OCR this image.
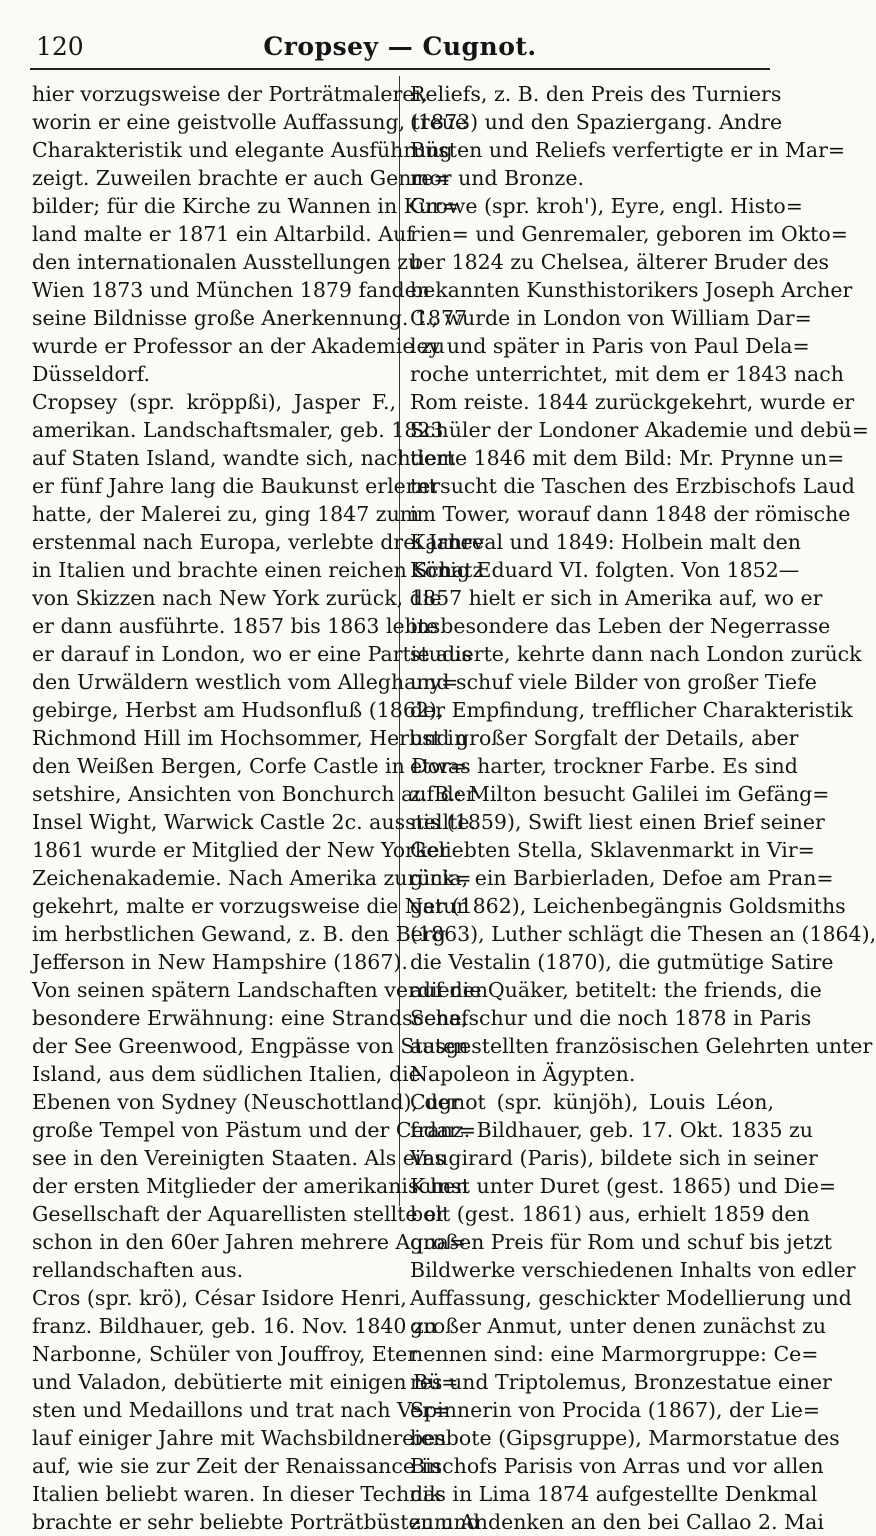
120	Cropsey — Cugnot.
hier vorzugsweise der Porträtmalerei,
worin er eine geistvolle Auffassung, treue
Charakteristik und elegante Ausführung
zeigt. Zuweilen brachte er auch Genre=
bilder; für die Kirche zu Wannen in Kur=
land malte er 1871 ein Altarbild. Auf
den internationalen Ausstellungen zu
Wien 1873 und München 1879 fanden
seine Bildnisse große Anerkennung. 1877
wurde er Professor an der Akademie zu
Düsseldorf.
Cropsey (spr. kröppßi), Jasper F.,
amerikan. Landschaftsmaler, geb. 1823
auf Staten Island, wandte sich, nachdem
er fünf Jahre lang die Baukunst erlernt
hatte, der Malerei zu, ging 1847 zum
erstenmal nach Europa, verlebte drei Jahre
in Italien und brachte einen reichen Schatz
von Skizzen nach New York zurück, die
er dann ausführte. 1857 bis 1863 lebte
er darauf in London, wo er eine Partie aus
den Urwäldern westlich vom Alleghany=
gebirge, Herbst am Hudsonfluß (1862),
Richmond Hill im Hochsommer, Herbst in
den Weißen Bergen, Corfe Castle in Dor=
setshire, Ansichten von Bonchurch auf der
Insel Wight, Warwick Castle 2c. ausstellte.
1861 wurde er Mitglied der New Yorker
Zeichenakademie. Nach Amerika zurück=
gekehrt, malte er vorzugsweise die Natur
im herbstlichen Gewand, z. B. den Berg
Jefferson in New Hampshire (1867).
Von seinen spätern Landschaften verdienen
besondere Erwähnung: eine Strandscene,
der See Greenwood, Engpässe von Staten
Island, aus dem südlichen Italien, die
Ebenen von Sydney (Neuschottland), der
große Tempel von Pästum und der Cedar=
see in den Vereinigten Staaten. Als eins
der ersten Mitglieder der amerikanischen
Gesellschaft der Aquarellisten stellte er
schon in den 60er Jahren mehrere Aqua=
rellandschaften aus.
Cros (spr. krö), César Isidore Henri,
franz. Bildhauer, geb. 16. Nov. 1840 zu
Narbonne, Schüler von Jouffroy, Eter
und Valadon, debütierte mit einigen Bü=
sten und Medaillons und trat nach Ver=
lauf einiger Jahre mit Wachsbildnereien
auf, wie sie zur Zeit der Renaissance in
Italien beliebt waren. In dieser Technik
brachte er sehr beliebte Porträtbüsten und
Reliefs, z. B. den Preis des Turniers
(1873) und den Spaziergang. Andre
Büsten und Reliefs verfertigte er in Mar=
mor und Bronze.
Crowe (spr. kroh'), Eyre, engl. Histo=
rien= und Genremaler, geboren im Okto=
ber 1824 zu Chelsea, älterer Bruder des
bekannten Kunsthistorikers Joseph Archer
C., wurde in London von William Dar=
ley und später in Paris von Paul Dela=
roche unterrichtet, mit dem er 1843 nach
Rom reiste. 1844 zurückgekehrt, wurde er
Schüler der Londoner Akademie und debü=
tierte 1846 mit dem Bild: Mr. Prynne un=
tersucht die Taschen des Erzbischofs Laud
im Tower, worauf dann 1848 der römische
Karneval und 1849: Holbein malt den
König Eduard VI. folgten. Von 1852—
1857 hielt er sich in Amerika auf, wo er
insbesondere das Leben der Negerrasse
studierte, kehrte dann nach London zurück
und schuf viele Bilder von großer Tiefe
der Empfindung, trefflicher Charakteristik
und großer Sorgfalt der Details, aber
etwas harter, trockner Farbe. Es sind
z. B.: Milton besucht Galilei im Gefäng=
nis (1859), Swift liest einen Brief seiner
Geliebten Stella, Sklavenmarkt in Vir=
ginia, ein Barbierladen, Defoe am Pran=
ger (1862), Leichenbegängnis Goldsmiths
(1863), Luther schlägt die Thesen an (1864),
die Vestalin (1870), die gutmütige Satire
auf die Quäker, betitelt: the friends, die
Schafschur und die noch 1878 in Paris
ausgestellten französischen Gelehrten unter
Napoleon in Ägypten.
Cugnot (spr. künjöh), Louis Léon,
franz. Bildhauer, geb. 17. Okt. 1835 zu
Vaugirard (Paris), bildete sich in seiner
Kunst unter Duret (gest. 1865) und Die=
bolt (gest. 1861) aus, erhielt 1859 den
großen Preis für Rom und schuf bis jetzt
Bildwerke verschiedenen Inhalts von edler
Auffassung, geschickter Modellierung und
großer Anmut, unter denen zunächst zu
nennen sind: eine Marmorgruppe: Ce=
res und Triptolemus, Bronzestatue einer
Spinnerin von Procida (1867), der Lie=
besbote (Gipsgruppe), Marmorstatue des
Bischofs Parisis von Arras und vor allen
das in Lima 1874 aufgestellte Denkmal
zum Andenken an den bei Callao 2. Mai
